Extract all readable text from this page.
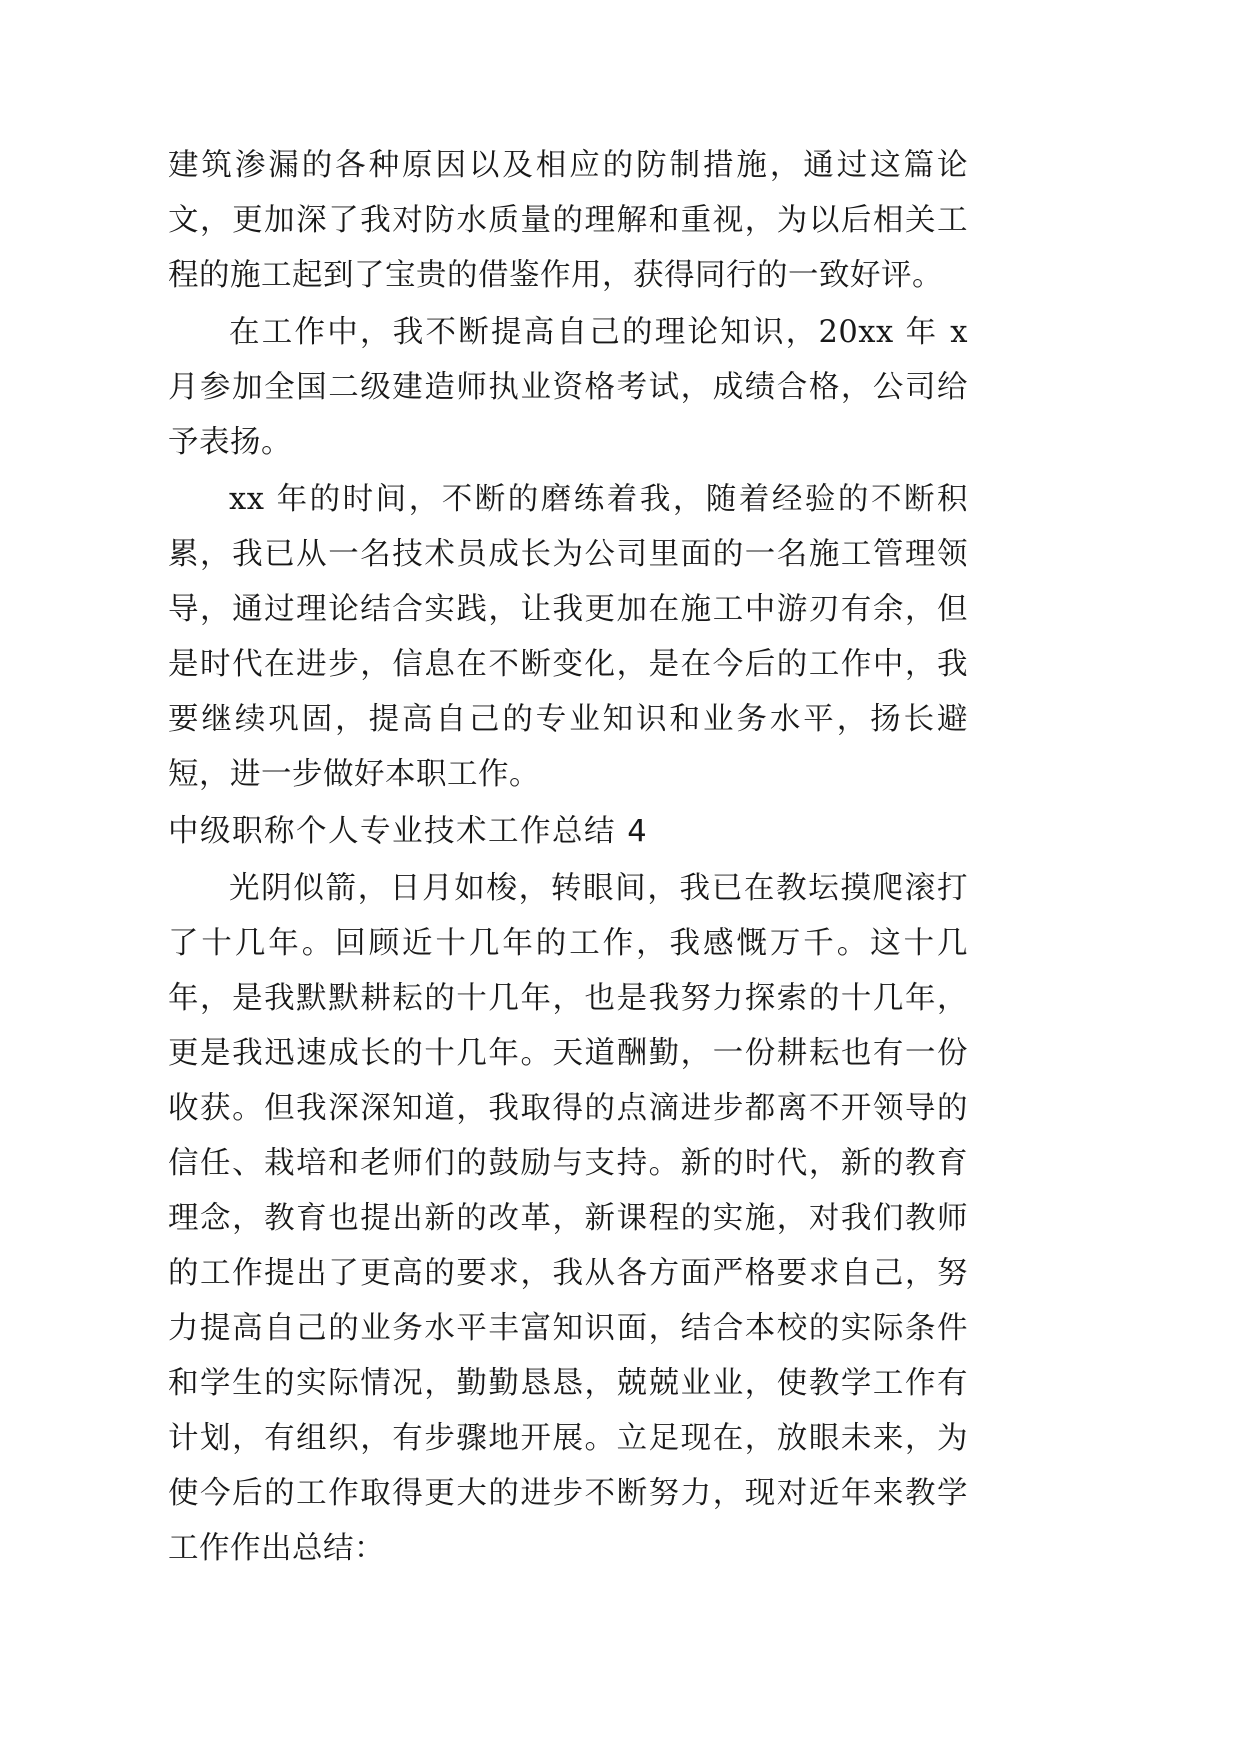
建筑渗漏的各种原因以及相应的防制措施，通过这篇论文，更加深了我对防水质量的理解和重视，为以后相关工程的施工起到了宝贵的借鉴作用，获得同行的一致好评。

在工作中，我不断提高自己的理论知识，20xx 年 x 月参加全国二级建造师执业资格考试，成绩合格，公司给予表扬。

xx 年的时间，不断的磨练着我，随着经验的不断积累，我已从一名技术员成长为公司里面的一名施工管理领导，通过理论结合实践，让我更加在施工中游刃有余，但是时代在进步，信息在不断变化，是在今后的工作中，我要继续巩固，提高自己的专业知识和业务水平，扬长避短，进一步做好本职工作。

中级职称个人专业技术工作总结 4

光阴似箭，日月如梭，转眼间，我已在教坛摸爬滚打了十几年。回顾近十几年的工作，我感慨万千。这十几年，是我默默耕耘的十几年，也是我努力探索的十几年，更是我迅速成长的十几年。天道酬勤，一份耕耘也有一份收获。但我深深知道，我取得的点滴进步都离不开领导的信任、栽培和老师们的鼓励与支持。新的时代，新的教育理念，教育也提出新的改革，新课程的实施，对我们教师的工作提出了更高的要求，我从各方面严格要求自己，努力提高自己的业务水平丰富知识面，结合本校的实际条件和学生的实际情况，勤勤恳恳，兢兢业业，使教学工作有计划，有组织，有步骤地开展。立足现在，放眼未来，为使今后的工作取得更大的进步不断努力，现对近年来教学工作作出总结：
